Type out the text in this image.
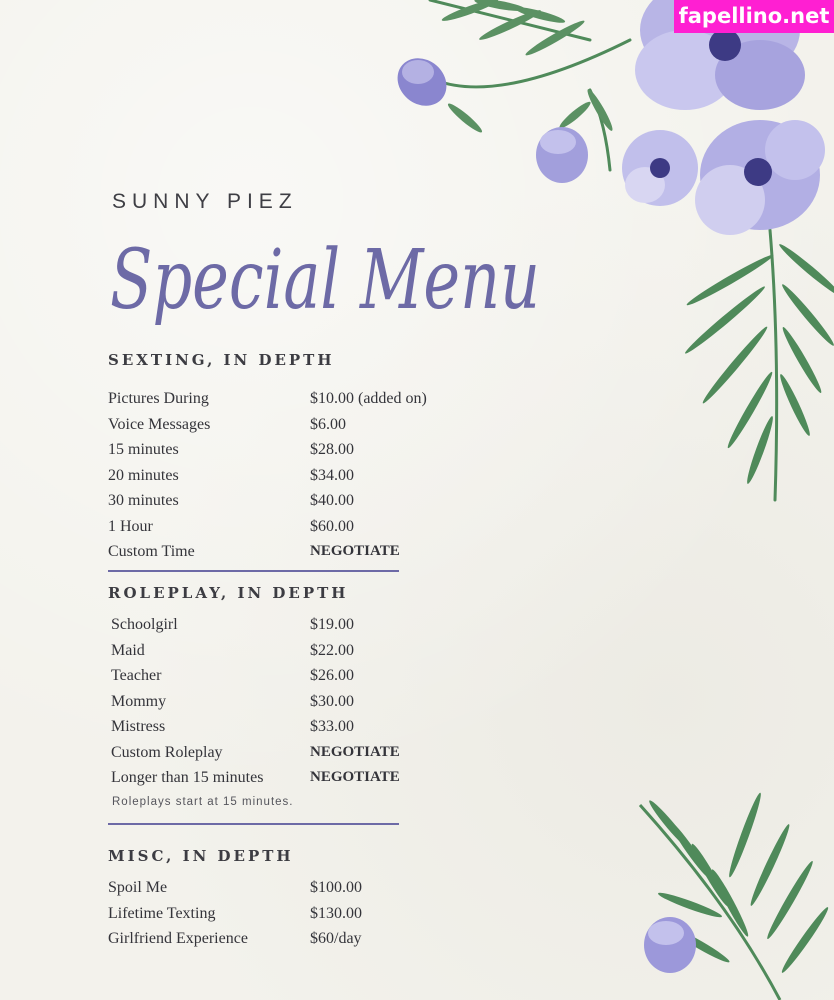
fapellino.net
SUNNY PIEZ
Special Menu
SEXTING, IN DEPTH
Pictures During	$10.00 (added on)
Voice Messages	$6.00
15 minutes	$28.00
20 minutes	$34.00
30 minutes	$40.00
1 Hour	$60.00
Custom Time	NEGOTIATE
ROLEPLAY, IN DEPTH
Schoolgirl	$19.00
Maid	$22.00
Teacher	$26.00
Mommy	$30.00
Mistress	$33.00
Custom Roleplay	NEGOTIATE
Longer than 15 minutes	NEGOTIATE
Roleplays start at 15 minutes.
MISC, IN DEPTH
Spoil Me	$100.00
Lifetime Texting	$130.00
Girlfriend Experience	$60/day
